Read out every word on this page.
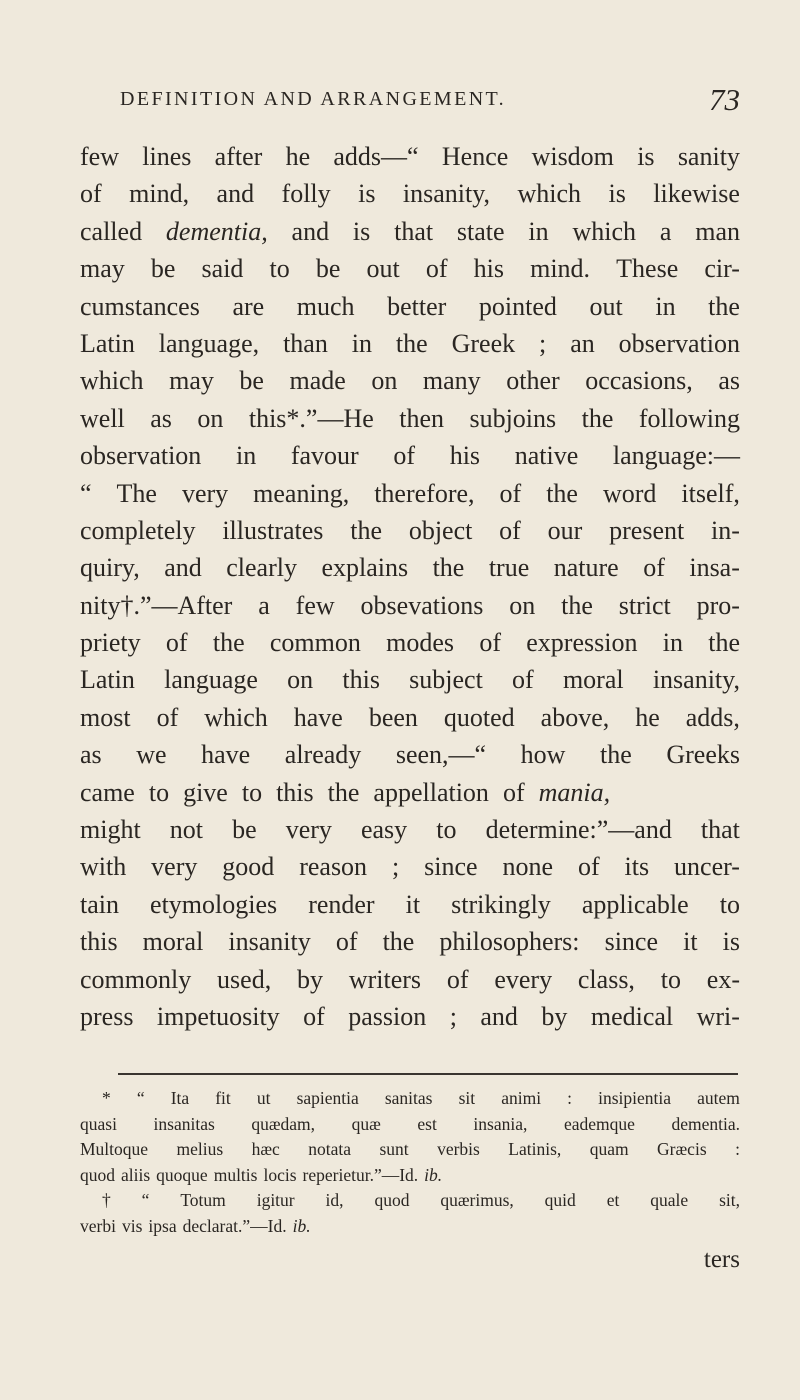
DEFINITION AND ARRANGEMENT.	73
few lines after he adds—“ Hence wisdom is sanity
of mind, and folly is insanity, which is likewise
called dementia, and is that state in which a man
may be said to be out of his mind. These cir-
cumstances are much better pointed out in the
Latin language, than in the Greek ; an observation
which may be made on many other occasions, as
well as on this*.”—He then subjoins the following
observation in favour of his native language:—
“ The very meaning, therefore, of the word itself,
completely illustrates the object of our present in-
quiry, and clearly explains the true nature of insa-
nity†.”—After a few obsevations on the strict pro-
priety of the common modes of expression in the
Latin language on this subject of moral insanity,
most of which have been quoted above, he adds,
as we have already seen,—“ how the Greeks
came to give to this the appellation of mania,
might not be very easy to determine:”—and that
with very good reason ; since none of its uncer-
tain etymologies render it strikingly applicable to
this moral insanity of the philosophers: since it is
commonly used, by writers of every class, to ex-
press impetuosity of passion ; and by medical wri-
* “ Ita fit ut sapientia sanitas sit animi : insipientia autem
quasi insanitas quædam, quæ est insania, eademque dementia.
Multoque melius hæc notata sunt verbis Latinis, quam Græcis :
quod aliis quoque multis locis reperietur.”—Id. ib.
† “ Totum igitur id, quod quærimus, quid et quale sit,
verbi vis ipsa declarat.”—Id. ib.
ters
